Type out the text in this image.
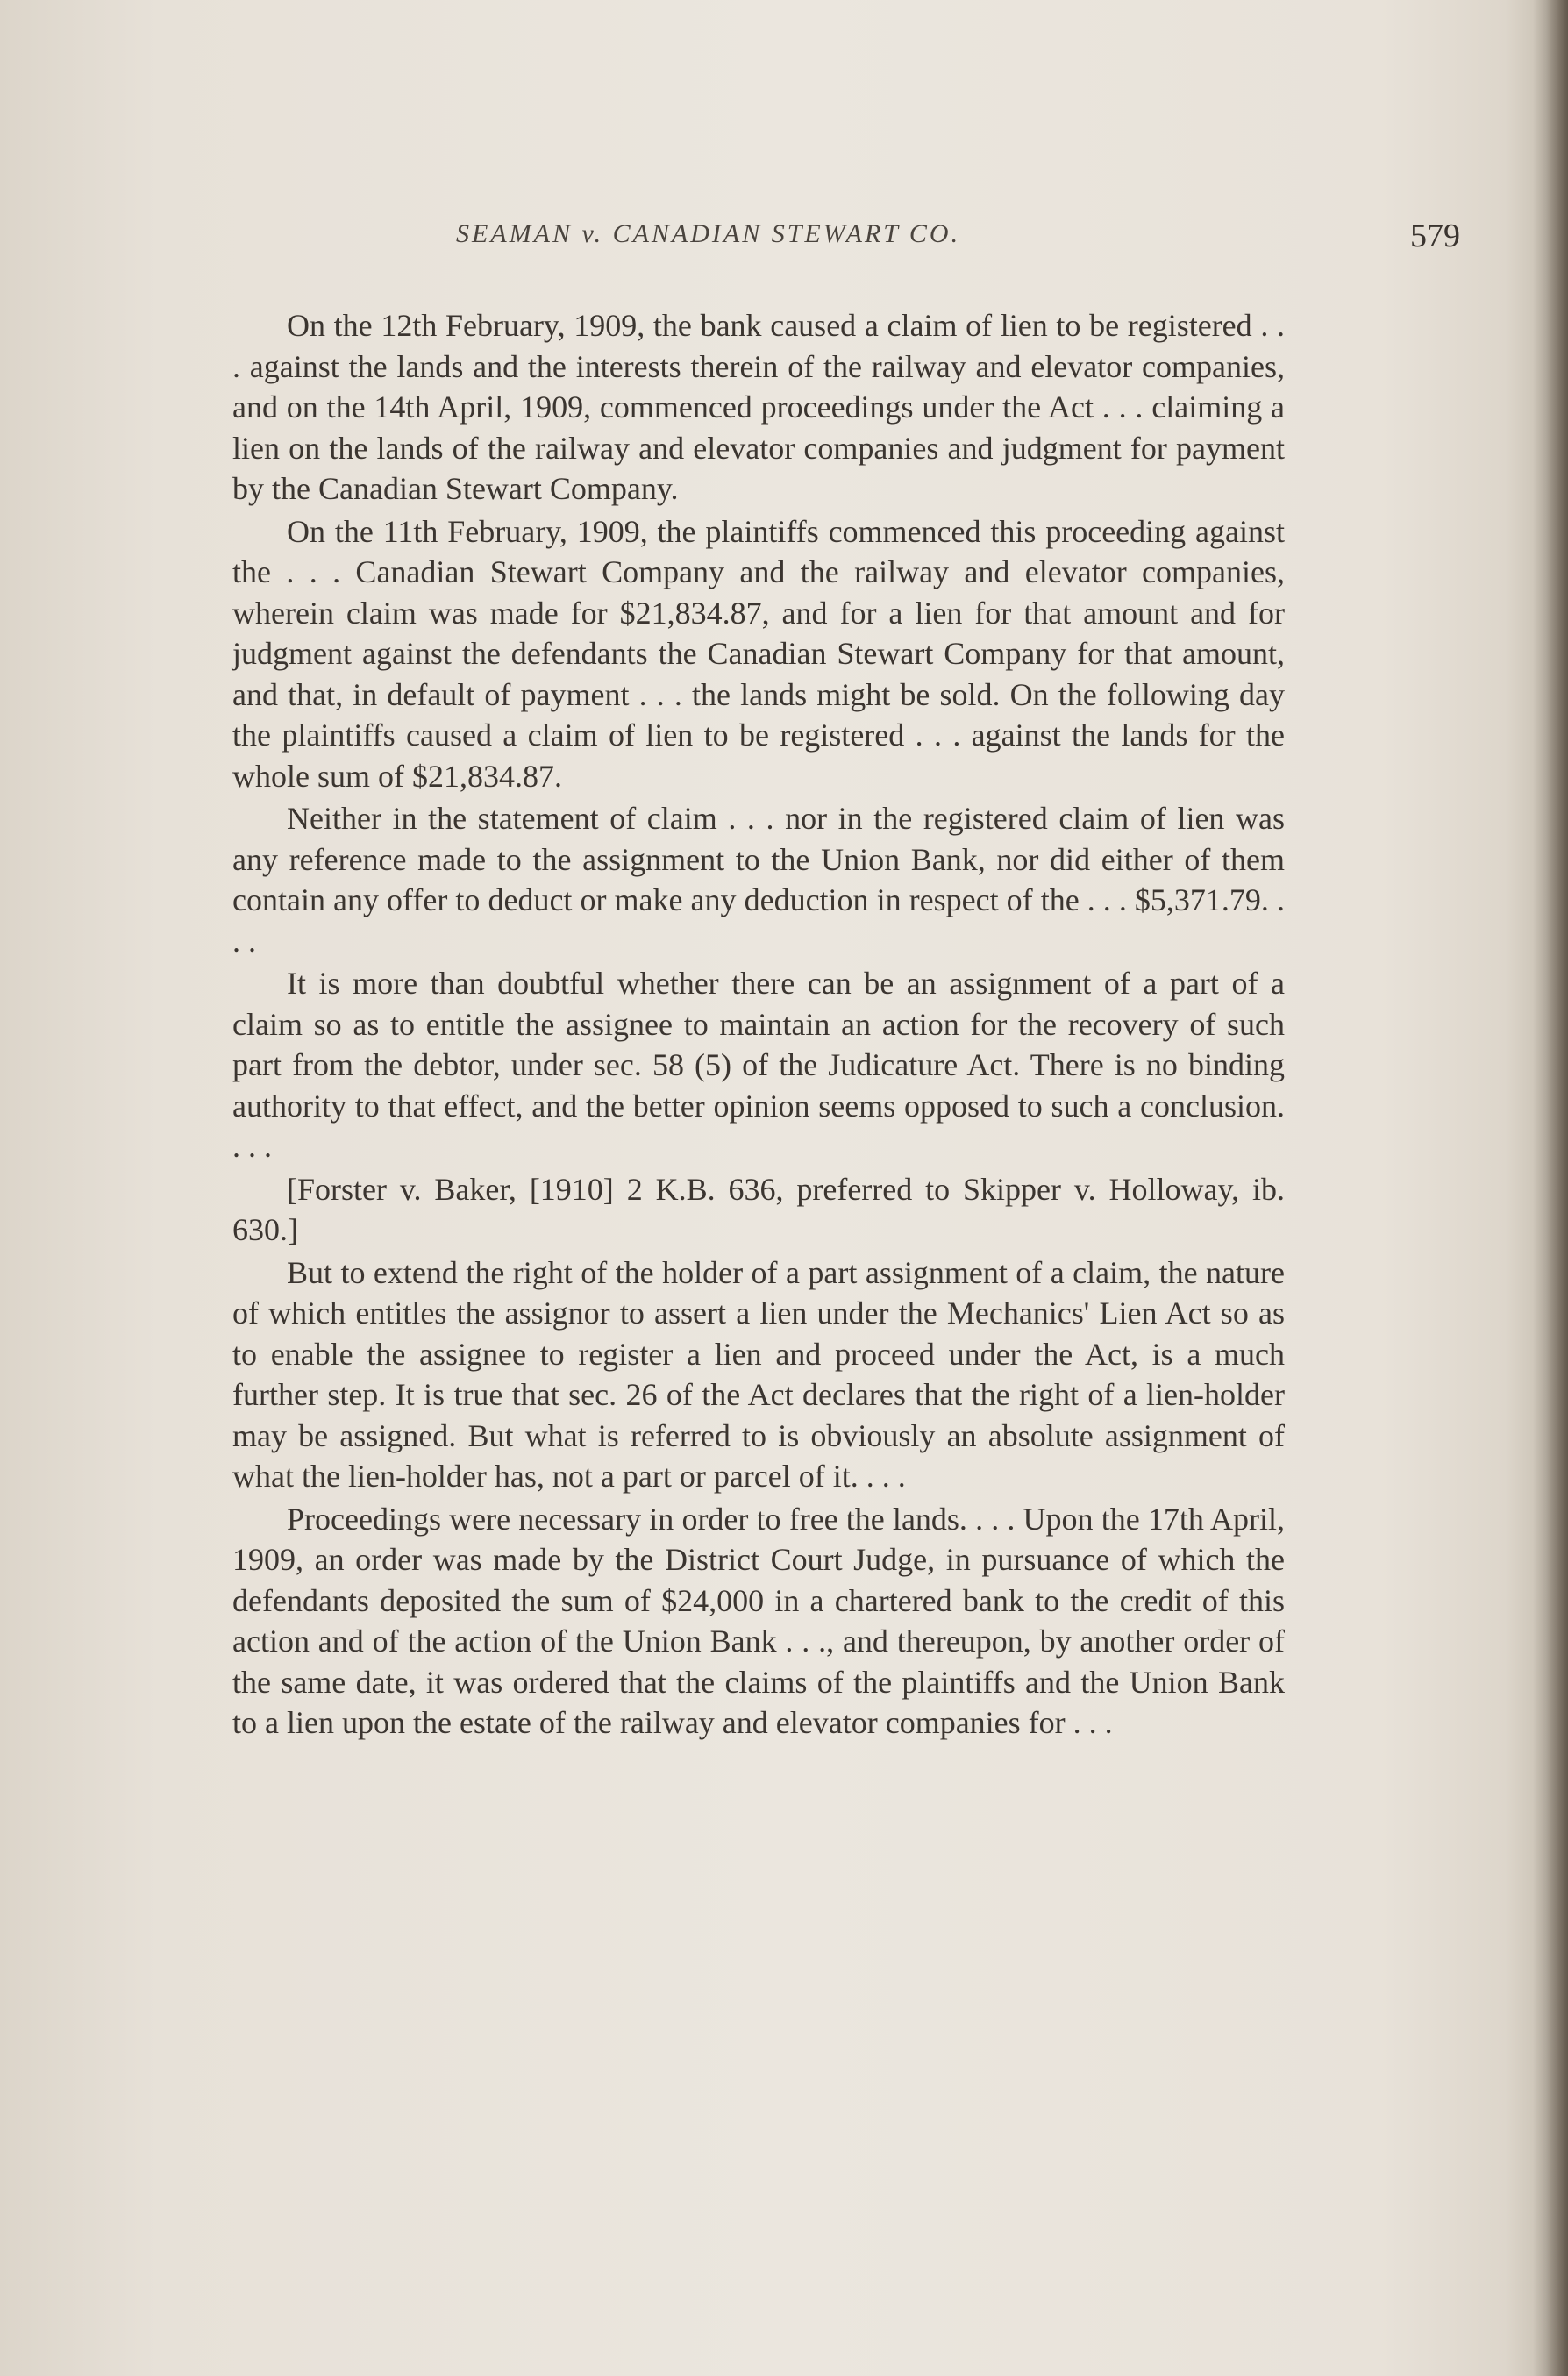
SEAMAN v. CANADIAN STEWART CO.	579

On the 12th February, 1909, the bank caused a claim of lien to be registered . . . against the lands and the interests therein of the railway and elevator companies, and on the 14th April, 1909, commenced proceedings under the Act . . . claiming a lien on the lands of the railway and elevator companies and judgment for payment by the Canadian Stewart Company.

On the 11th February, 1909, the plaintiffs commenced this proceeding against the . . . Canadian Stewart Company and the railway and elevator companies, wherein claim was made for $21,834.87, and for a lien for that amount and for judgment against the defendants the Canadian Stewart Company for that amount, and that, in default of payment . . . the lands might be sold. On the following day the plaintiffs caused a claim of lien to be registered . . . against the lands for the whole sum of $21,834.87.

Neither in the statement of claim . . . nor in the registered claim of lien was any reference made to the assignment to the Union Bank, nor did either of them contain any offer to deduct or make any deduction in respect of the . . . $5,371.79. . . .

It is more than doubtful whether there can be an assignment of a part of a claim so as to entitle the assignee to maintain an action for the recovery of such part from the debtor, under sec. 58 (5) of the Judicature Act. There is no binding authority to that effect, and the better opinion seems opposed to such a conclusion. . . .

[Forster v. Baker, [1910] 2 K.B. 636, preferred to Skipper v. Holloway, ib. 630.]

But to extend the right of the holder of a part assignment of a claim, the nature of which entitles the assignor to assert a lien under the Mechanics' Lien Act so as to enable the assignee to register a lien and proceed under the Act, is a much further step. It is true that sec. 26 of the Act declares that the right of a lien-holder may be assigned. But what is referred to is obviously an absolute assignment of what the lien-holder has, not a part or parcel of it. . . .

Proceedings were necessary in order to free the lands. . . . Upon the 17th April, 1909, an order was made by the District Court Judge, in pursuance of which the defendants deposited the sum of $24,000 in a chartered bank to the credit of this action and of the action of the Union Bank . . ., and thereupon, by another order of the same date, it was ordered that the claims of the plaintiffs and the Union Bank to a lien upon the estate of the railway and elevator companies for . . .
